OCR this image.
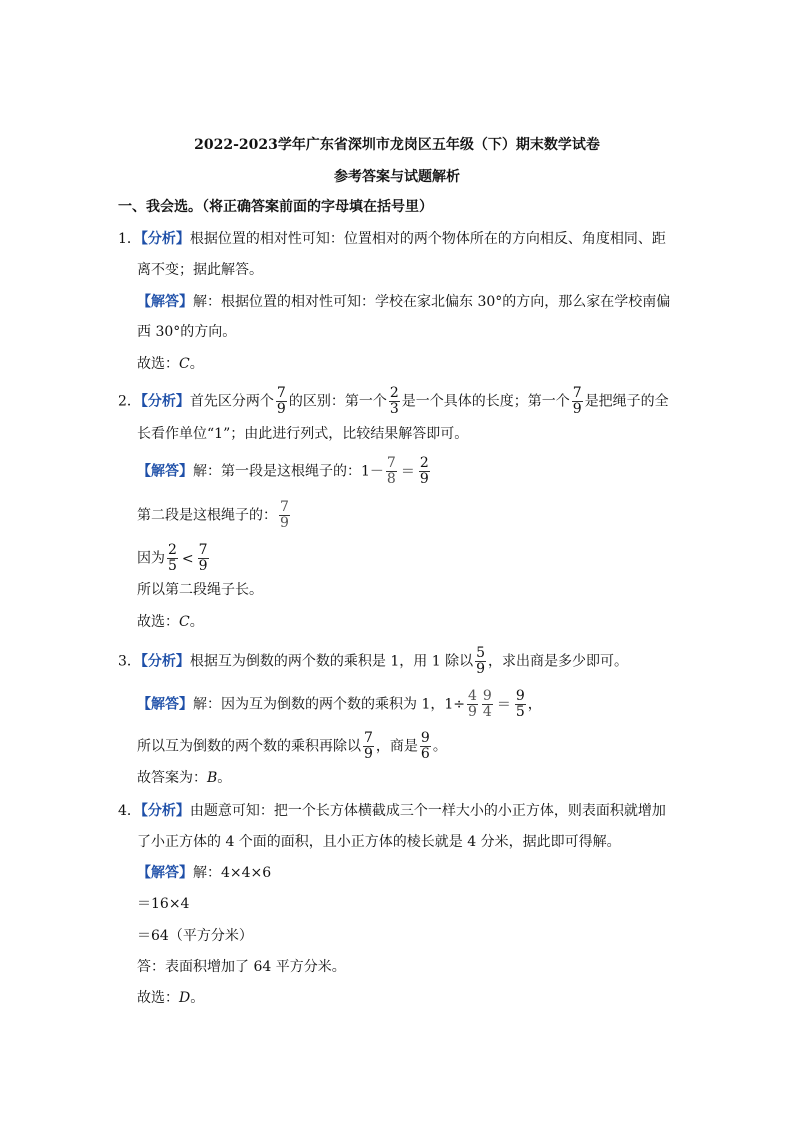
2022-2023学年广东省深圳市龙岗区五年级（下）期末数学试卷
参考答案与试题解析
一、我会选。（将正确答案前面的字母填在括号里）
1．【分析】根据位置的相对性可知：位置相对的两个物体所在的方向相反、角度相同、距
离不变；据此解答。
【解答】解：根据位置的相对性可知：学校在家北偏东 30°的方向，那么家在学校南偏
西 30°的方向。
故选：C。
2．【分析】首先区分两个 $\frac{7}{9}$ 的区别：第一个 $\frac{2}{3}$ 是一个具体的长度；第一个 $\frac{7}{9}$ 是把绳子的全
长看作单位“1”；由此进行列式，比较结果解答即可。
【解答】解：第一段是这根绳子的：$1- \frac{7}{8} = \frac{2}{9}$
第二段是这根绳子的： $\frac{7}{9}$
因为 $\frac{2}{5} < \frac{7}{9}$
所以第二段绳子长。
故选：C。
3．【分析】根据互为倒数的两个数的乘积是 1，用 1 除以 $\frac{5}{9}$ ，求出商是多少即可。
【解答】解：因为互为倒数的两个数的乘积为 1，$1\div \frac{4}{9} \frac{9}{4} = \frac{9}{5}$ ，
所以互为倒数的两个数的乘积再除以 $\frac{7}{9}$ ，商是 $\frac{9}{6}$ 。
故答案为：B。
4．【分析】由题意可知：把一个长方体横截成三个一样大小的小正方体，则表面积就增加
了小正方体的 4 个面的面积，且小正方体的棱长就是 4 分米，据此即可得解。
【解答】解：4×4×6
＝16×4
＝64（平方分米）
答：表面积增加了 64 平方分米。
故选：D。
